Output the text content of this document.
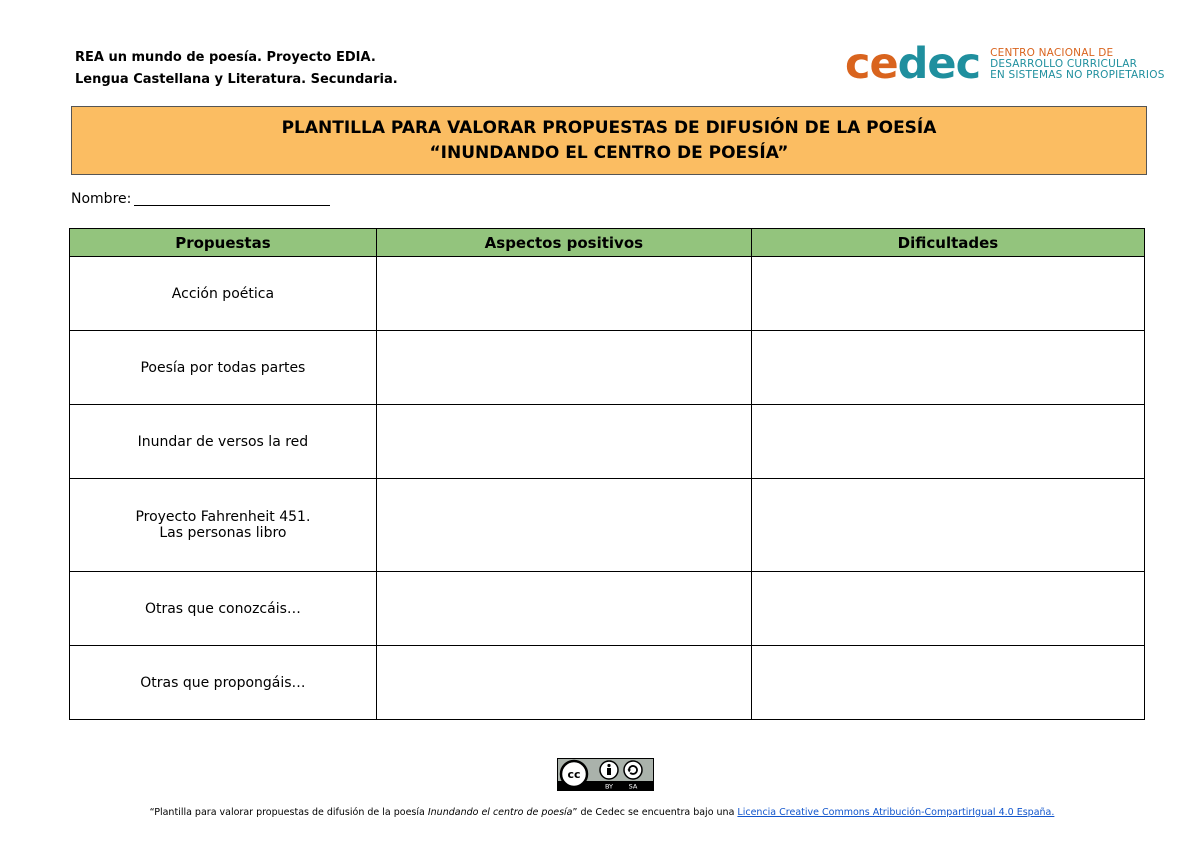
REA un mundo de poesía. Proyecto EDIA.
Lengua Castellana y Literatura. Secundaria.	cedec CENTRO NACIONAL DE
DESARROLLO CURRICULAR
EN SISTEMAS NO PROPIETARIOS
PLANTILLA PARA VALORAR PROPUESTAS DE DIFUSIÓN DE LA POESÍA
“INUNDANDO EL CENTRO DE POESÍA”
Nombre:
Propuestas	Aspectos positivos	Dificultades

Acción poética		

Poesía por todas partes		

Inundar de versos la red		

Proyecto Fahrenheit 451.
Las personas libro		

Otras que conozcáis…		

Otras que propongáis…		

cc
BY SA
“Plantilla para valorar propuestas de difusión de la poesía Inundando el centro de poesía” de Cedec se encuentra bajo una Licencia Creative Commons Atribución-CompartirIgual 4.0 España.
